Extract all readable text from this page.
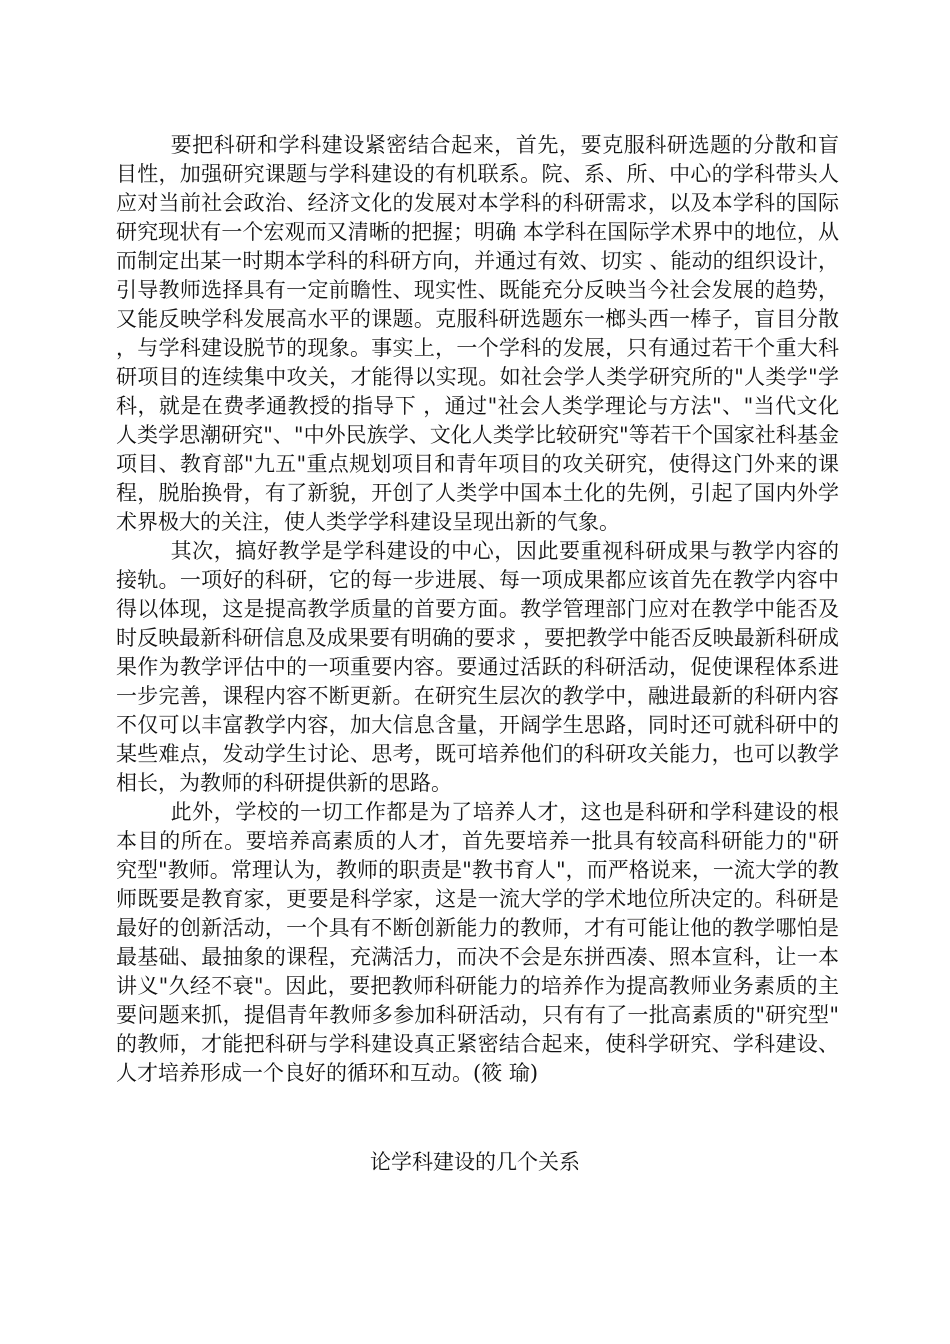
要把科研和学科建设紧密结合起来，首先，要克服科研选题的分散和盲目性，加强研究课题与学科建设的有机联系。院、系、所、中心的学科带头人应对当前社会政治、经济文化的发展对本学科的科研需求，以及本学科的国际研究现状有一个宏观而又清晰的把握；明确 本学科在国际学术界中的地位，从而制定出某一时期本学科的科研方向，并通过有效、切实 、能动的组织设计，引导教师选择具有一定前瞻性、现实性、既能充分反映当今社会发展的趋势，又能反映学科发展高水平的课题。克服科研选题东一榔头西一棒子，盲目分散，与学科建设脱节的现象。事实上，一个学科的发展，只有通过若干个重大科研项目的连续集中攻关，才能得以实现。如社会学人类学研究所的"人类学"学科，就是在费孝通教授的指导下 ，通过"社会人类学理论与方法"、"当代文化人类学思潮研究"、"中外民族学、文化人类学比较研究"等若干个国家社科基金项目、教育部"九五"重点规划项目和青年项目的攻关研究，使得这门外来的课程，脱胎换骨，有了新貌，开创了人类学中国本土化的先例，引起了国内外学术界极大的关注，使人类学学科建设呈现出新的气象。

其次，搞好教学是学科建设的中心，因此要重视科研成果与教学内容的接轨。一项好的科研，它的每一步进展、每一项成果都应该首先在教学内容中得以体现，这是提高教学质量的首要方面。教学管理部门应对在教学中能否及时反映最新科研信息及成果要有明确的要求 ，要把教学中能否反映最新科研成果作为教学评估中的一项重要内容。要通过活跃的科研活动，促使课程体系进一步完善，课程内容不断更新。在研究生层次的教学中，融进最新的科研内容不仅可以丰富教学内容，加大信息含量，开阔学生思路，同时还可就科研中的某些难点，发动学生讨论、思考，既可培养他们的科研攻关能力，也可以教学相长，为教师的科研提供新的思路。

此外，学校的一切工作都是为了培养人才，这也是科研和学科建设的根本目的所在。要培养高素质的人才，首先要培养一批具有较高科研能力的"研究型"教师。常理认为，教师的职责是"教书育人"，而严格说来，一流大学的教师既要是教育家，更要是科学家，这是一流大学的学术地位所决定的。科研是最好的创新活动，一个具有不断创新能力的教师，才有可能让他的教学哪怕是最基础、最抽象的课程，充满活力，而决不会是东拼西凑、照本宣科，让一本讲义"久经不衰"。因此，要把教师科研能力的培养作为提高教师业务素质的主要问题来抓，提倡青年教师多参加科研活动，只有有了一批高素质的"研究型"的教师，才能把科研与学科建设真正紧密结合起来，使科学研究、学科建设、人才培养形成一个良好的循环和互动。(筱 瑜)

论学科建设的几个关系
